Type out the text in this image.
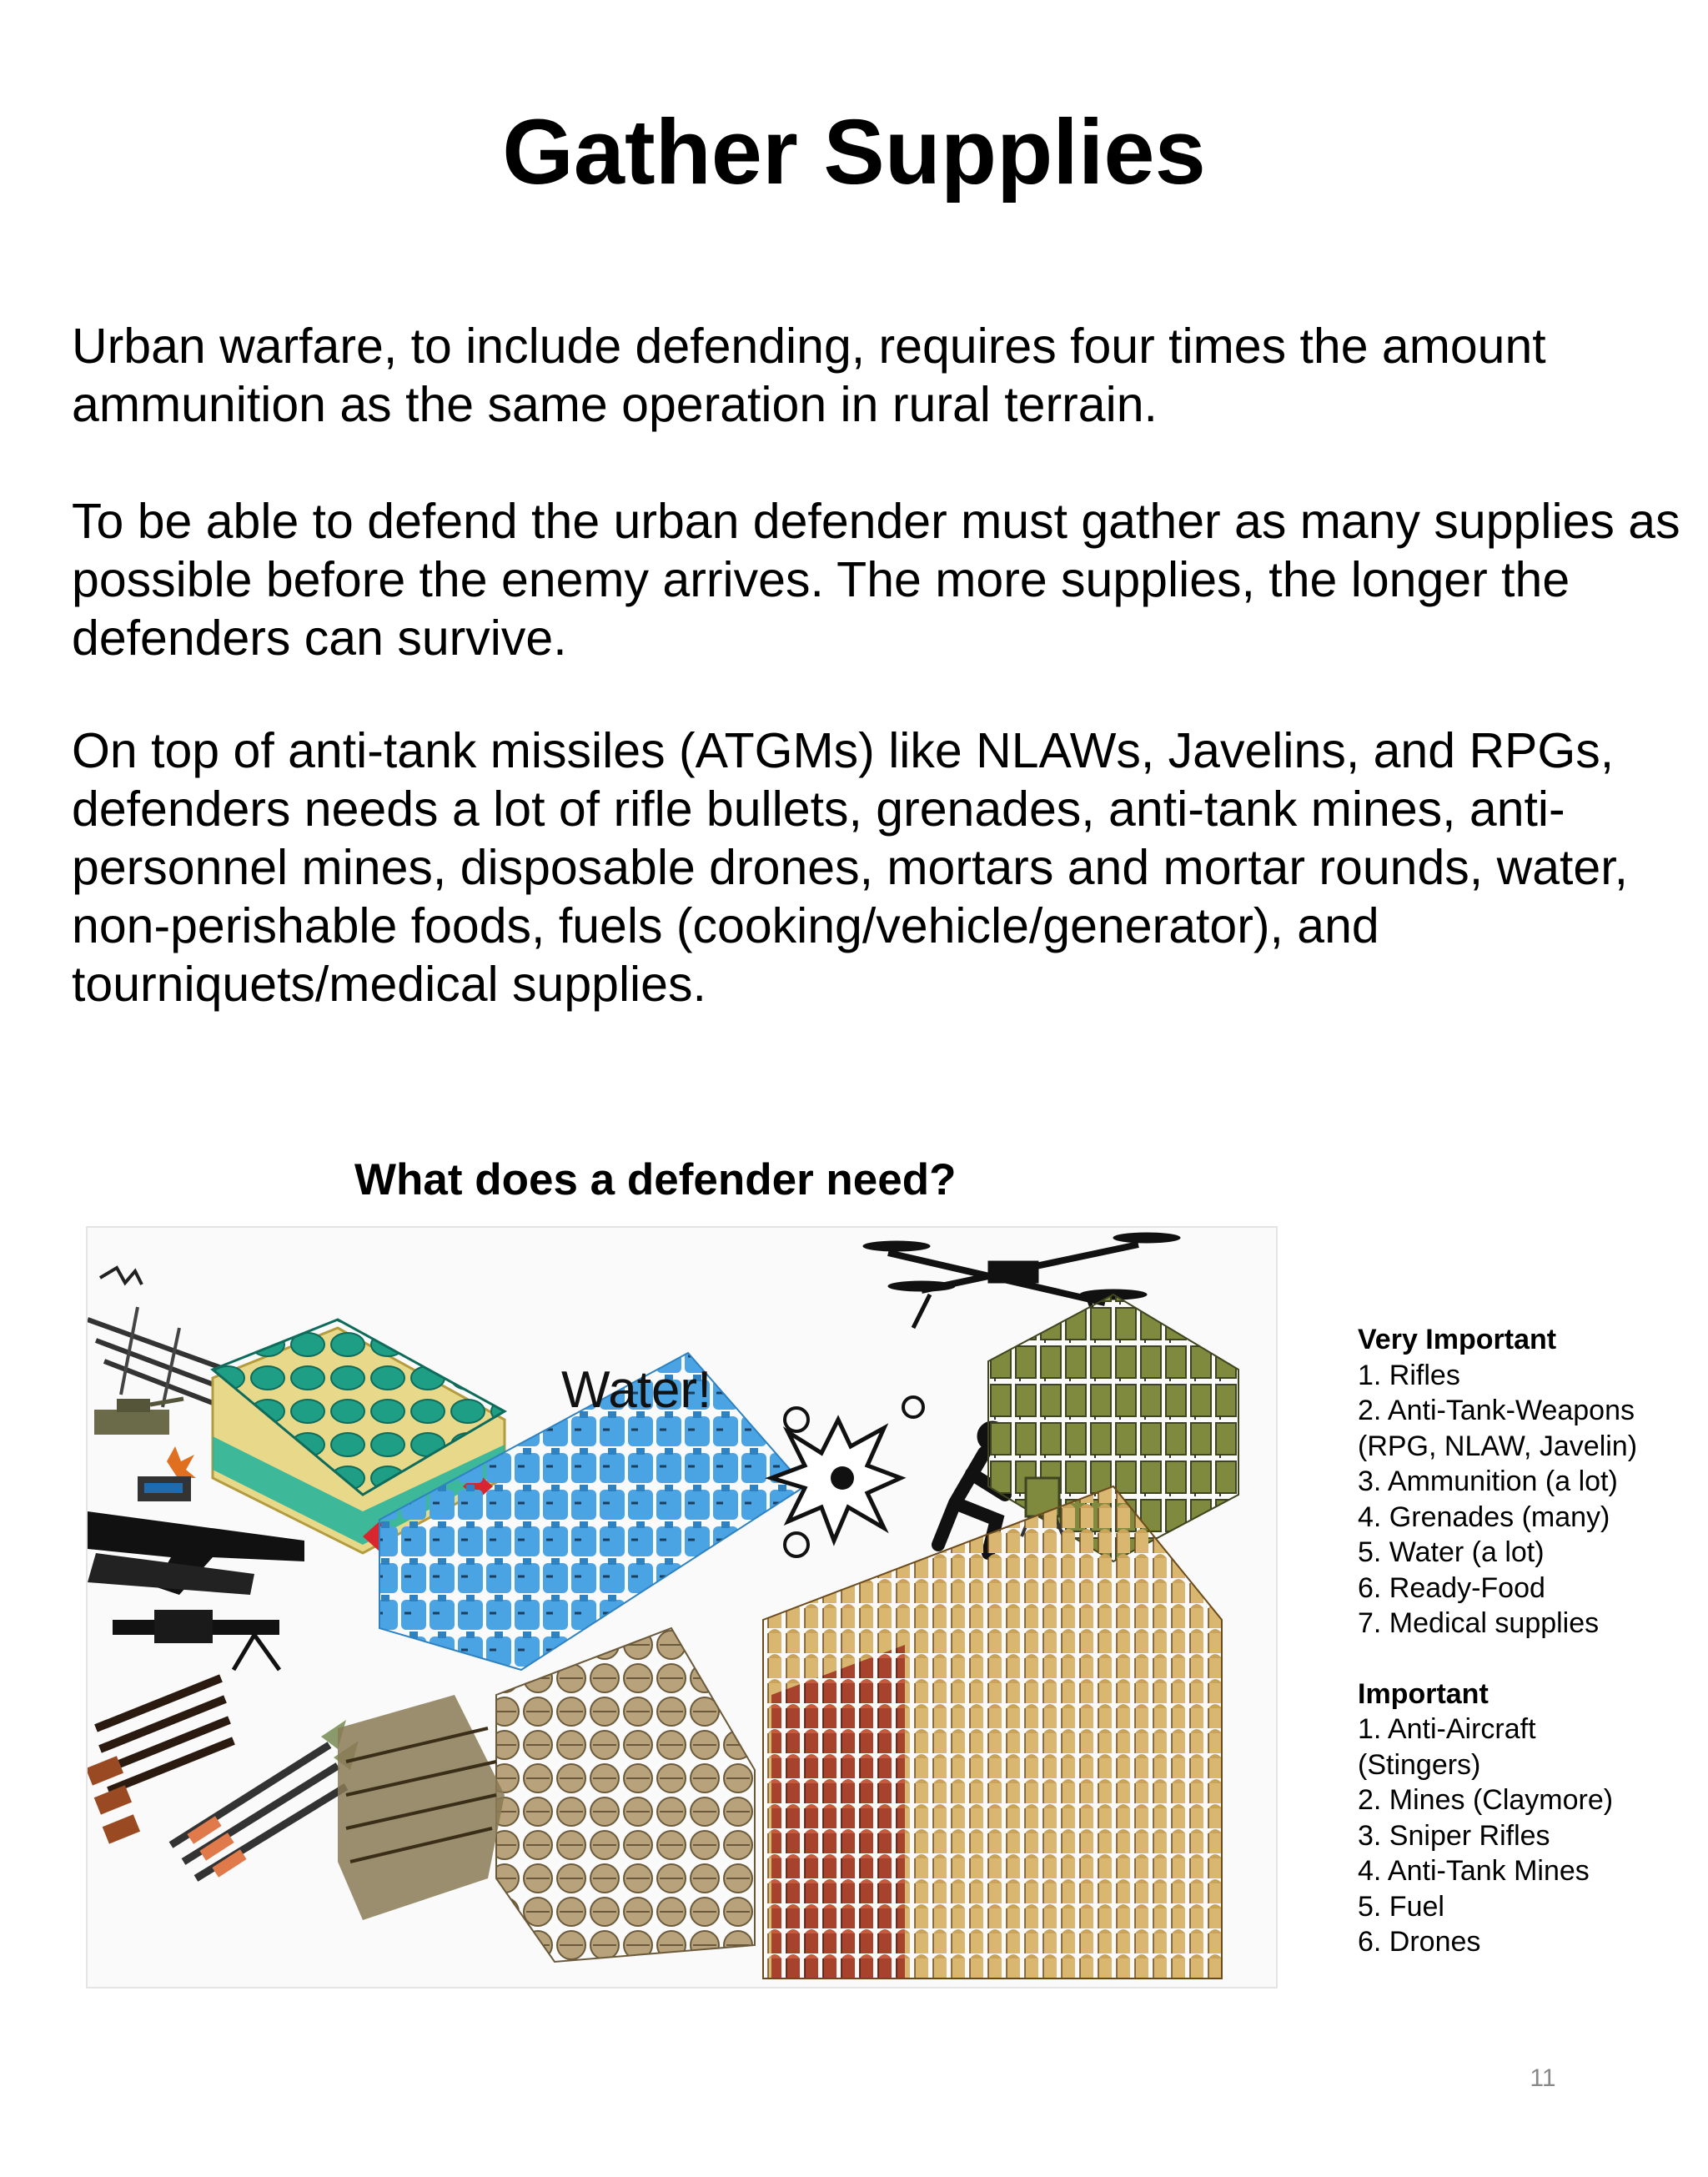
Gather Supplies

Urban warfare, to include defending, requires four times the amount ammunition as the same operation in rural terrain.

To be able to defend the urban defender must gather as many supplies as possible before the enemy arrives. The more supplies, the longer the defenders can survive.

On top of anti-tank missiles (ATGMs) like NLAWs, Javelins, and RPGs, defenders needs a lot of rifle bullets, grenades, anti-tank mines, anti-personnel mines, disposable drones, mortars and mortar rounds, water, non-perishable foods, fuels (cooking/vehicle/generator), and tourniquets/medical supplies.

What does a defender need?
Water!
Very Important
1. Rifles
2. Anti-Tank-Weapons
(RPG, NLAW, Javelin)
3. Ammunition (a lot)
4. Grenades (many)
5. Water (a lot)
6. Ready-Food
7. Medical supplies
Important
1. Anti-Aircraft
(Stingers)
2. Mines (Claymore)
3. Sniper Rifles
4. Anti-Tank Mines
5. Fuel
6. Drones
11
